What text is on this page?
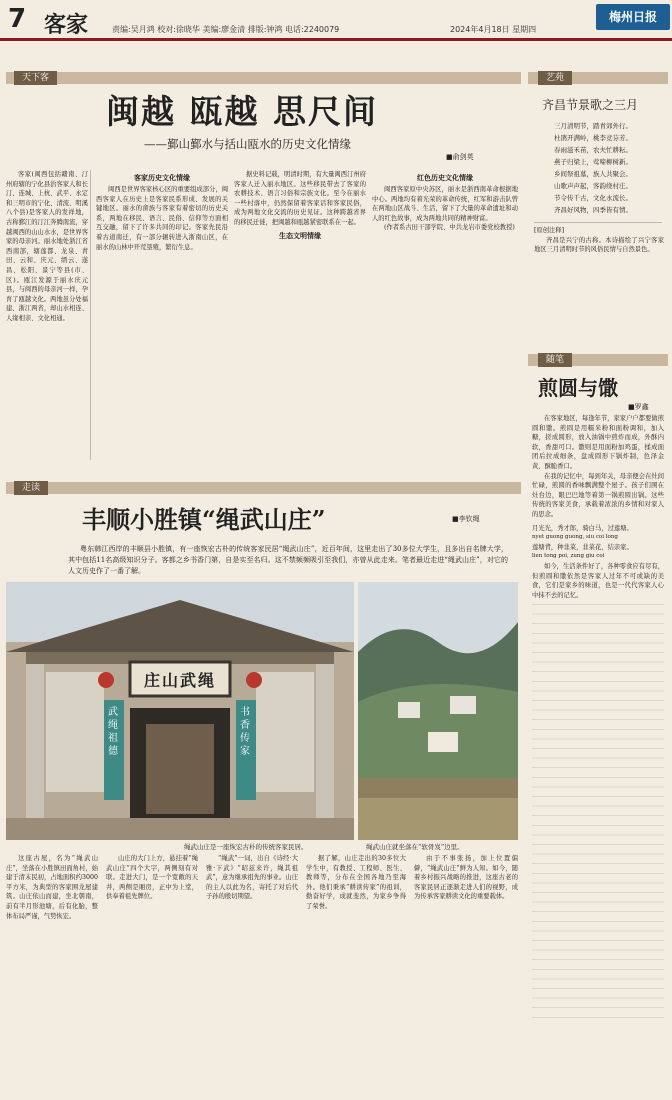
7 客家	责编:吴月鸿 校对:徐晓华 美编:廖金清 排版:钟鸿 电话:2240079	2024年4月18日 星期四
梅州日报
天下客
闽越 瓯越 思尺间
——鄞山鄞水与括山瓯水的历史文化情缘
■俞剑英

客家(闽西包括赣南、汀州府辖的宁化县治客家人和长汀、连城、上杭、武平、永定和三明市的宁化、清流、明溪八个县)是客家人的发祥地，古称鄞江的汀江奔腾南流，穿越闽西的山山水水，是世界客家的母亲河。丽水地处浙江省西南部，辖莲都、龙泉、青田、云和、庆元、缙云、遂昌、松阳、景宁等县(市、区)。瓯江发源于丽水庆元县，与闽西的母亲河一样，孕育了瓯越文化。两地虽分处福建、浙江两省，却山水相连、人缘相亲、文化相通。

客家历史文化情缘

闽西是世界客家核心区的重要组成部分，闽西客家人在历史上是客家民系形成、发展的关键地区。丽水的畲族与客家有着密切的历史关系，两地在移民、语言、民俗、信仰等方面相互交融，留下了许多共同的印记。客家先民沿着古道南迁，有一部分辗转进入浙南山区，在丽水的山林中开荒垦殖，繁衍生息。

据史料记载，明清时期，有大量闽西汀州府客家人迁入丽水地区。这些移民带去了客家的农耕技术、语言习俗和宗族文化。至今在丽水一些村落中，仍然保留着客家话和客家民俗，成为两地文化交流的历史见证。这种跨越省界的移民迁徙，把闽越和瓯越紧密联系在一起。

生态文明情缘
红色历史文化情缘

闽西客家原中央苏区，丽水是浙西南革命根据地中心。两地均有着光荣的革命传统，红军和游击队曾在两地山区战斗、生活，留下了大量的革命遗址和动人的红色故事，成为两地共同的精神财富。

(作者系古田干部学院、中共龙岩市委党校教授)

艺苑
齐昌节景歌之三月

三月清明节，踏青郊外行。

杜鹃开满岭，桃李竞芬芳。

春雨滋禾苗，农夫忙耕耘。

燕子归梁上，莺啼柳树新。

乡间祭祖墓，族人共聚会。

山歌声声起，客韵绕村庄。

节令传千古，文化永流长。

齐昌好风物，四季皆有情。

[原创注释]

齐昌是兴宁的古称。本诗描绘了兴宁客家地区三月清明时节的风俗民情与自然景色。

随笔
煎圆与馓
■罗鑫

在客家地区，每逢年节，家家户户都要做煎圆和馓。煎圆是用糯米粉和面粉调和，加入糖，搓成圆形，放入油锅中煎炸而成，外酥内软，香甜可口。馓则是用面粉加鸡蛋，揉成面团后拉成细条，盘成圆形下锅炸制，色泽金黄，酥脆香口。

在我的记忆中，每到年关，母亲便会在灶间忙碌，煎圆的香味飘满整个屋子。孩子们围在灶台边，眼巴巴地等着第一锅煎圆出锅。这些传统的客家美食，承载着浓浓的乡情和对家人的思念。

月光光，秀才郎，骑白马，过莲塘。

nyet guong guong, siu coi long

莲塘背，种韭菜，韭菜花，结亲家。

lien tong poi, zung giu coi

如今，生活条件好了，各种零食应有尽有，但煎圆和馓依然是客家人过年不可或缺的美食，它们是家乡的味道，也是一代代客家人心中抹不去的记忆。

走读
丰顺小胜镇“绳武山庄”	■李钦绳

粤东韩江西岸的丰顺县小胜镇，有一座恢宏古朴的传统客家民居“绳武山庄”，近百年间，这里走出了30多位大学生，且多出自名牌大学，其中包括11名高级知识分子。客都之乡书香门第，自是实至名归。这不禁频频吸引至我们，亦曾从此走来。笔者最近走进“绳武山庄”，对它的人文历史作了一番了解。

庄山武绳
武绳祖德
书香传家
绳武山庄是一座恢宏古朴的传统客家民居。	绳武山庄就坐落在“软骨岌”边里。

这座古屋，名为“绳武山庄”，坐落在小胜镇田面角村，始建于清末民初，占地面积约3000平方米，为典型的客家围龙屋建筑。山庄依山而建，坐北朝南，前有半月形池塘，后有化胎，整体布局严谨，气势恢宏。

山庄的大门上方，悬挂着“绳武山庄”四个大字，两侧刻有对联。走进大门，是一个宽敞的天井，两侧是厢房，正中为上堂，供奉着祖先牌位。

“绳武”一词，出自《诗经·大雅·下武》“昭兹来许，绳其祖武”，意为继承祖先的事业。山庄的主人以此为名，寄托了对后代子孙的殷切期望。

据了解，山庄走出的30多位大学生中，有教授、工程师、医生、教师等，分布在全国各地乃至海外。他们秉承“耕读传家”的祖训，勤奋好学，成就斐然，为家乡争得了荣誉。

由于不事张扬，加上位置偏僻，“绳武山庄”鲜为人知。如今，随着乡村振兴战略的推进，这座古老的客家民居正逐渐走进人们的视野，成为传承客家耕读文化的重要载体。
